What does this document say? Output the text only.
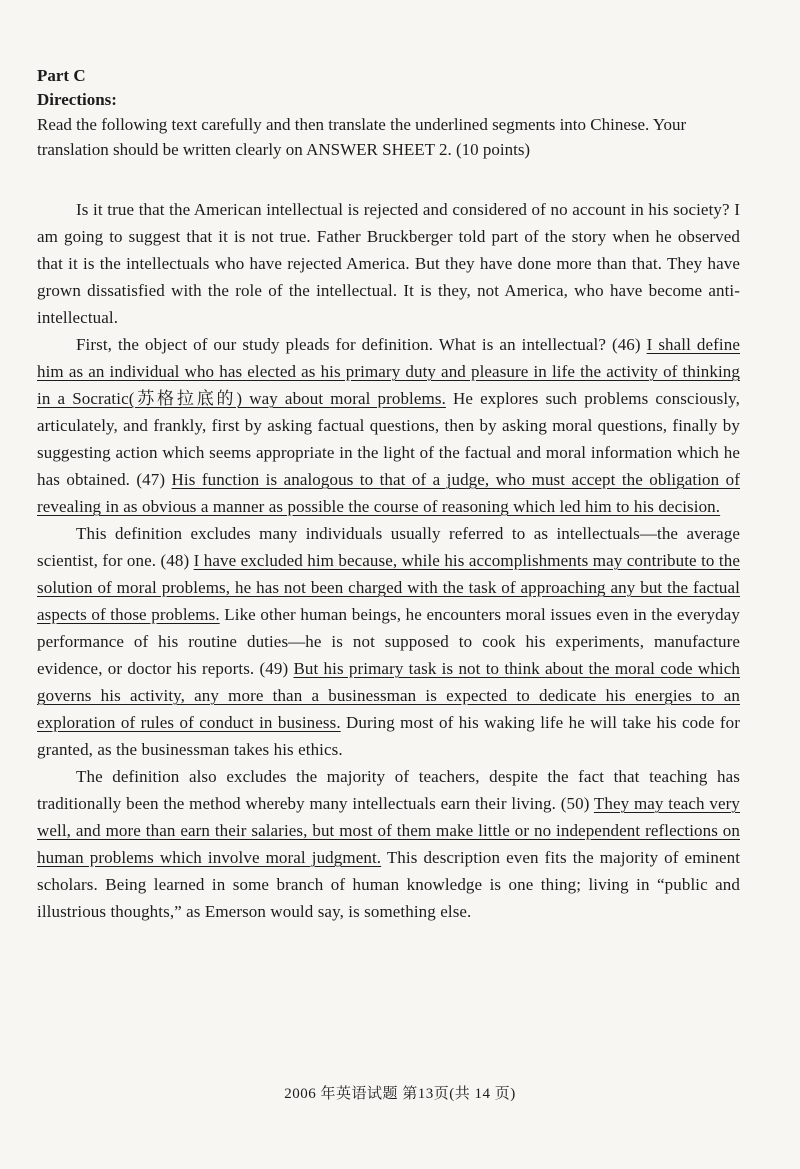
Part C
Directions:
Read the following text carefully and then translate the underlined segments into Chinese. Your translation should be written clearly on ANSWER SHEET 2. (10 points)

Is it true that the American intellectual is rejected and considered of no account in his society? I am going to suggest that it is not true. Father Bruckberger told part of the story when he observed that it is the intellectuals who have rejected America. But they have done more than that. They have grown dissatisfied with the role of the intellectual. It is they, not America, who have become anti-intellectual.

First, the object of our study pleads for definition. What is an intellectual? (46) I shall define him as an individual who has elected as his primary duty and pleasure in life the activity of thinking in a Socratic(苏格拉底的) way about moral problems. He explores such problems consciously, articulately, and frankly, first by asking factual questions, then by asking moral questions, finally by suggesting action which seems appropriate in the light of the factual and moral information which he has obtained. (47) His function is analogous to that of a judge, who must accept the obligation of revealing in as obvious a manner as possible the course of reasoning which led him to his decision.

This definition excludes many individuals usually referred to as intellectuals—the average scientist, for one. (48) I have excluded him because, while his accomplishments may contribute to the solution of moral problems, he has not been charged with the task of approaching any but the factual aspects of those problems. Like other human beings, he encounters moral issues even in the everyday performance of his routine duties—he is not supposed to cook his experiments, manufacture evidence, or doctor his reports. (49) But his primary task is not to think about the moral code which governs his activity, any more than a businessman is expected to dedicate his energies to an exploration of rules of conduct in business. During most of his waking life he will take his code for granted, as the businessman takes his ethics.

The definition also excludes the majority of teachers, despite the fact that teaching has traditionally been the method whereby many intellectuals earn their living. (50) They may teach very well, and more than earn their salaries, but most of them make little or no independent reflections on human problems which involve moral judgment. This description even fits the majority of eminent scholars. Being learned in some branch of human knowledge is one thing; living in “public and illustrious thoughts,” as Emerson would say, is something else.

2006 年英语试题 第13页(共 14 页)
